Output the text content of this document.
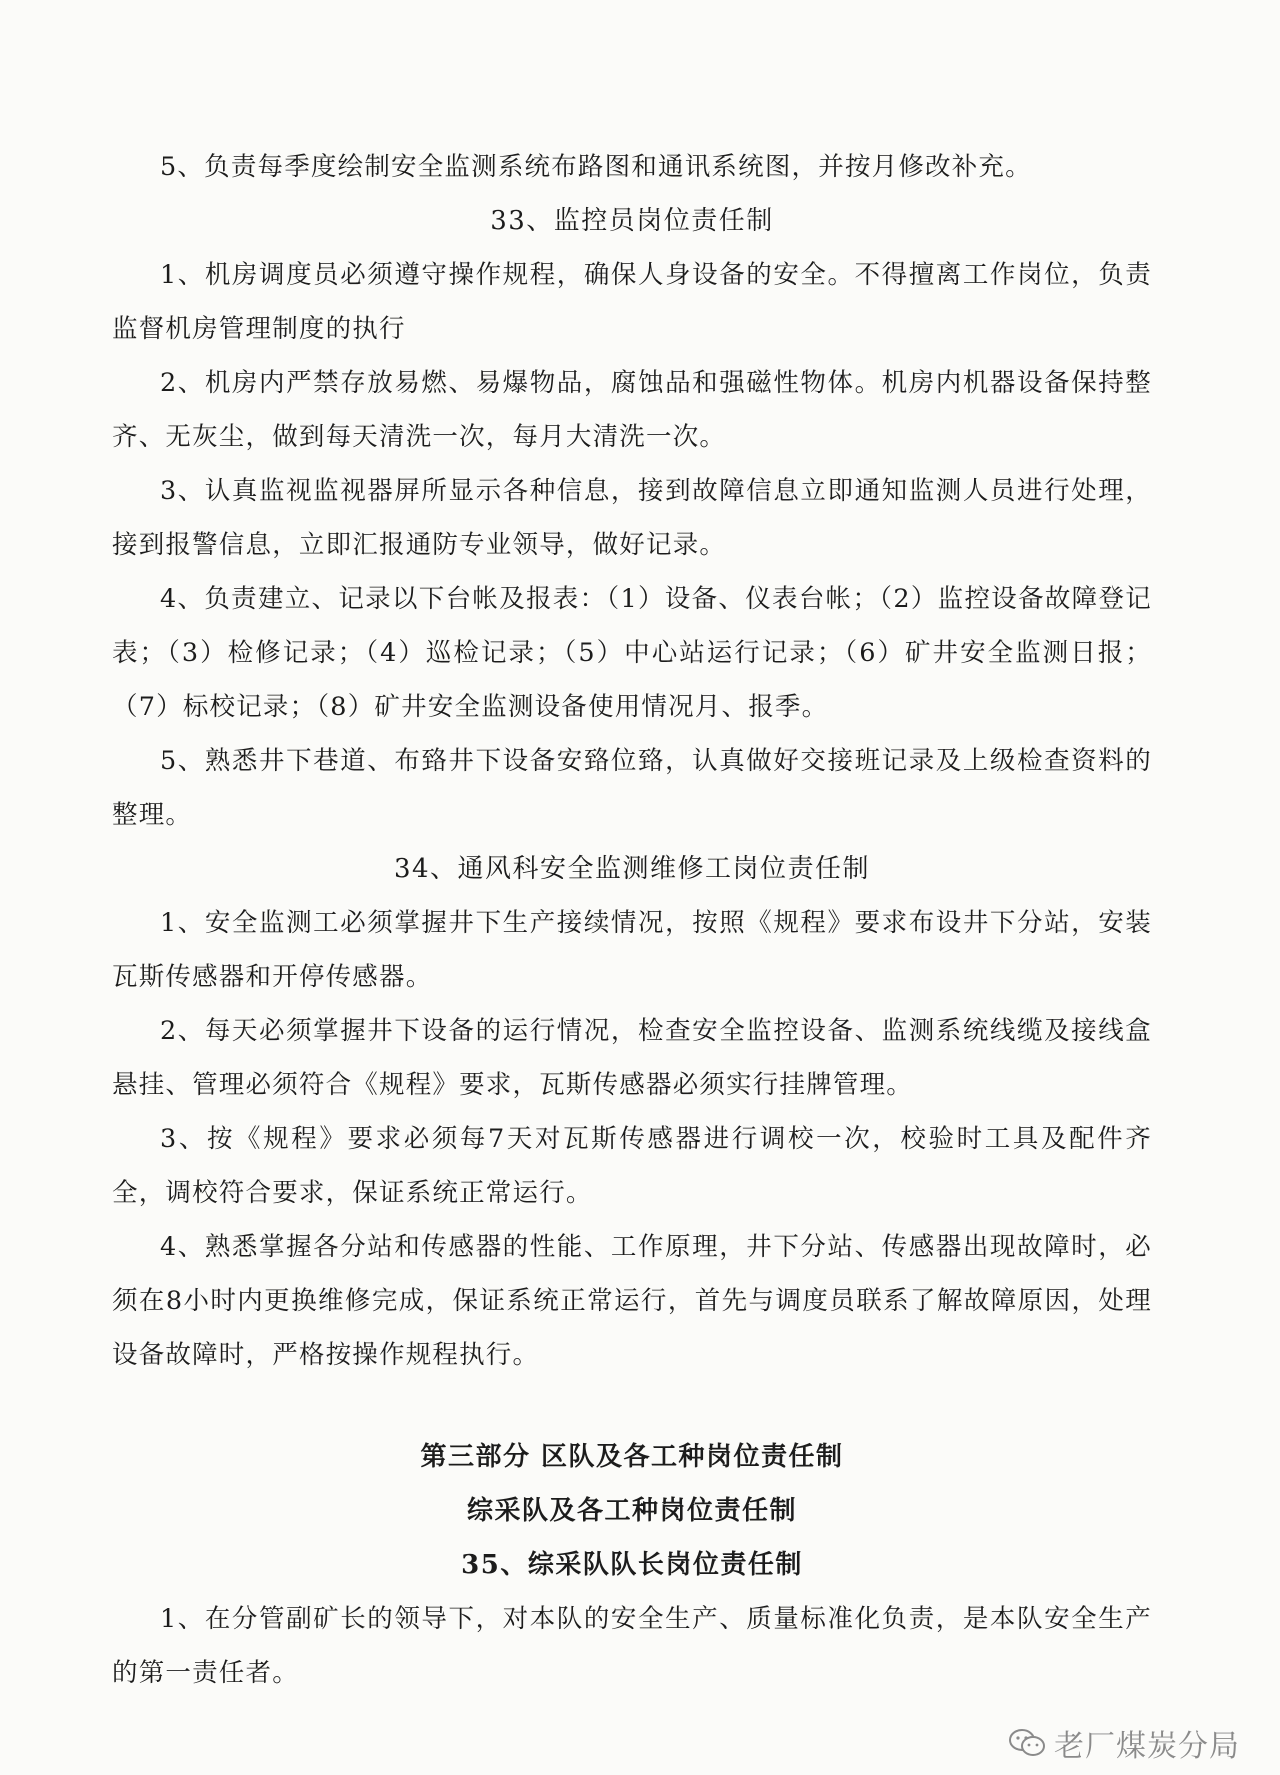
5、负责每季度绘制安全监测系统布路图和通讯系统图，并按月修改补充。

33、监控员岗位责任制

1、机房调度员必须遵守操作规程，确保人身设备的安全。不得擅离工作岗位，负责监督机房管理制度的执行

2、机房内严禁存放易燃、易爆物品，腐蚀品和强磁性物体。机房内机器设备保持整齐、无灰尘，做到每天清洗一次，每月大清洗一次。

3、认真监视监视器屏所显示各种信息，接到故障信息立即通知监测人员进行处理，接到报警信息，立即汇报通防专业领导，做好记录。

4、负责建立、记录以下台帐及报表：（1）设备、仪表台帐；（2）监控设备故障登记表；（3）检修记录；（4）巡检记录；（5）中心站运行记录；（6）矿井安全监测日报；（7）标校记录；（8）矿井安全监测设备使用情况月、报季。

5、熟悉井下巷道、布臵井下设备安臵位臵，认真做好交接班记录及上级检查资料的整理。

34、通风科安全监测维修工岗位责任制

1、安全监测工必须掌握井下生产接续情况，按照《规程》要求布设井下分站，安装瓦斯传感器和开停传感器。

2、每天必须掌握井下设备的运行情况，检查安全监控设备、监测系统线缆及接线盒悬挂、管理必须符合《规程》要求，瓦斯传感器必须实行挂牌管理。

3、按《规程》要求必须每7天对瓦斯传感器进行调校一次，校验时工具及配件齐全，调校符合要求，保证系统正常运行。

4、熟悉掌握各分站和传感器的性能、工作原理，井下分站、传感器出现故障时，必须在8小时内更换维修完成，保证系统正常运行，首先与调度员联系了解故障原因，处理设备故障时，严格按操作规程执行。

第三部分 区队及各工种岗位责任制

综采队及各工种岗位责任制

35、综采队队长岗位责任制

1、在分管副矿长的领导下，对本队的安全生产、质量标准化负责，是本队安全生产的第一责任者。

老厂煤炭分局
